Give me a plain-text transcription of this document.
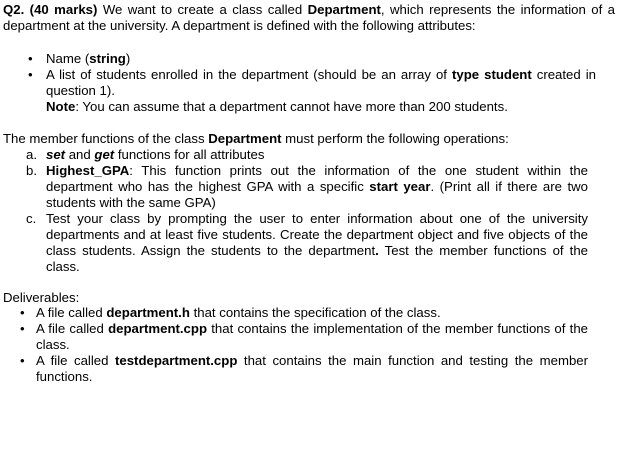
Q2. (40 marks) We want to create a class called Department, which represents the information of a department at the university. A department is defined with the following attributes:
• Name (string)
• A list of students enrolled in the department (should be an array of type student created in question 1).
Note: You can assume that a department cannot have more than 200 students.
The member functions of the class Department must perform the following operations:
a. set and get functions for all attributes
b. Highest_GPA: This function prints out the information of the one student within the department who has the highest GPA with a specific start year. (Print all if there are two students with the same GPA)
c. Test your class by prompting the user to enter information about one of the university departments and at least five students. Create the department object and five objects of the class students. Assign the students to the department. Test the member functions of the class.
Deliverables:
• A file called department.h that contains the specification of the class.
• A file called department.cpp that contains the implementation of the member functions of the class.
• A file called testdepartment.cpp that contains the main function and testing the member functions.
